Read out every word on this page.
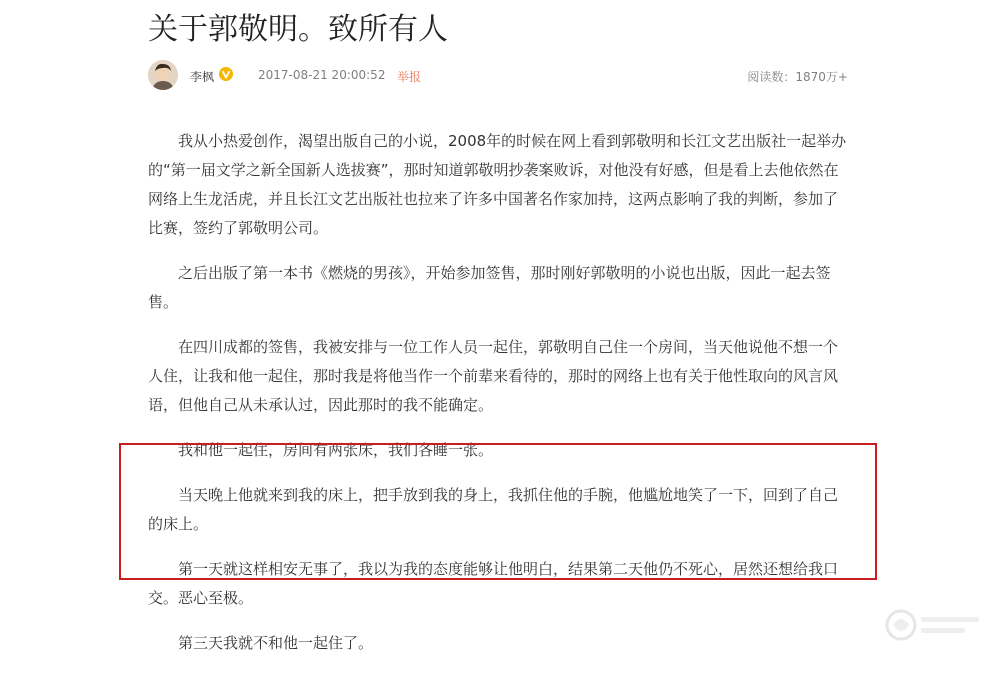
关于郭敬明。致所有人
李枫	2017-08-21 20:00:52 举报	阅读数：1870万+

我从小热爱创作，渴望出版自己的小说，2008年的时候在网上看到郭敬明和长江文艺出版社一起举办的“第一届文学之新全国新人选拔赛”，那时知道郭敬明抄袭案败诉，对他没有好感，但是看上去他依然在网络上生龙活虎，并且长江文艺出版社也拉来了许多中国著名作家加持，这两点影响了我的判断，参加了比赛，签约了郭敬明公司。

之后出版了第一本书《燃烧的男孩》，开始参加签售，那时刚好郭敬明的小说也出版，因此一起去签售。

在四川成都的签售，我被安排与一位工作人员一起住，郭敬明自己住一个房间，当天他说他不想一个人住，让我和他一起住，那时我是将他当作一个前辈来看待的，那时的网络上也有关于他性取向的风言风语，但他自己从未承认过，因此那时的我不能确定。

我和他一起住，房间有两张床，我们各睡一张。

当天晚上他就来到我的床上，把手放到我的身上，我抓住他的手腕，他尴尬地笑了一下，回到了自己的床上。

第一天就这样相安无事了，我以为我的态度能够让他明白，结果第二天他仍不死心，居然还想给我口交。恶心至极。

第三天我就不和他一起住了。
